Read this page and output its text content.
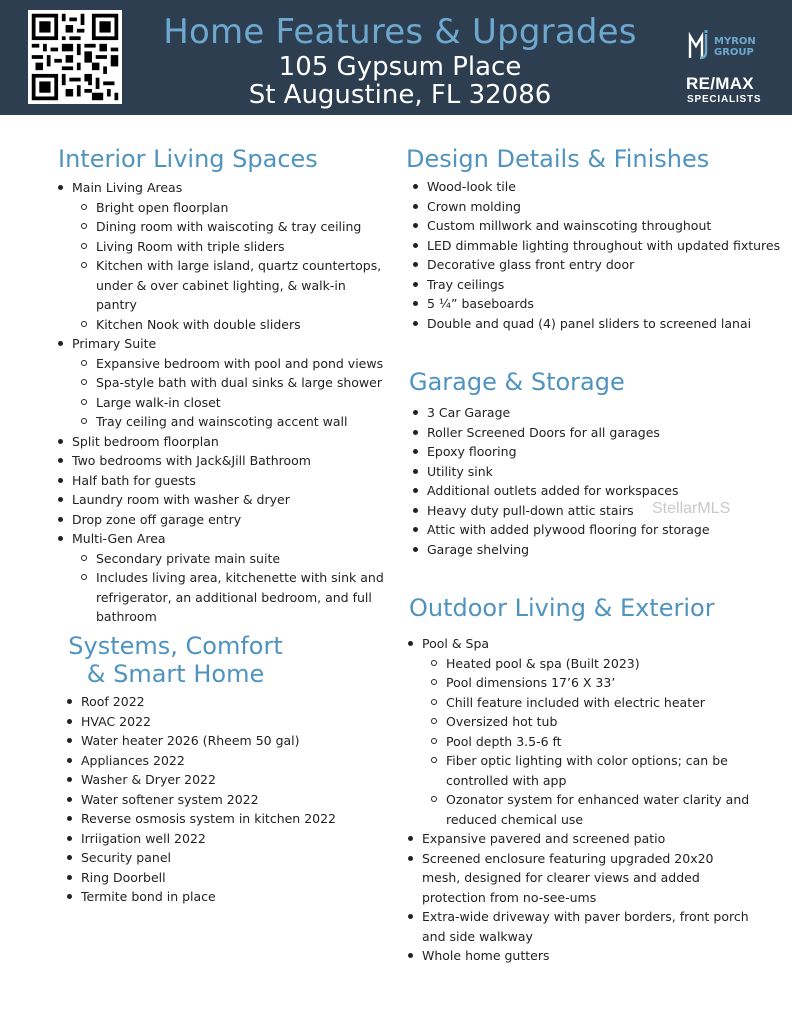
Home Features & Upgrades
105 Gypsum Place
St Augustine, FL 32086
MYRON
GROUP
RE/MAX
SPECIALISTS
Interior Living Spaces
Main Living Areas
Bright open floorplan
Dining room with waiscoting & tray ceiling
Living Room with triple sliders
Kitchen with large island, quartz countertops, under & over cabinet lighting, & walk-in pantry
Kitchen Nook with double sliders
Primary Suite
Expansive bedroom with pool and pond views
Spa-style bath with dual sinks & large shower
Large walk-in closet
Tray ceiling and wainscoting accent wall
Split bedroom floorplan
Two bedrooms with Jack&Jill Bathroom
Half bath for guests
Laundry room with washer & dryer
Drop zone off garage entry
Multi-Gen Area
Secondary private main suite
Includes living area, kitchenette with sink and refrigerator, an additional bedroom, and full bathroom
Systems, Comfort
& Smart Home
Roof 2022
HVAC 2022
Water heater 2026 (Rheem 50 gal)
Appliances 2022
Washer & Dryer 2022
Water softener system 2022
Reverse osmosis system in kitchen 2022
Irriigation well 2022
Security panel
Ring Doorbell
Termite bond in place
Design Details & Finishes
Wood-look tile
Crown molding
Custom millwork and wainscoting throughout
LED dimmable lighting throughout with updated fixtures
Decorative glass front entry door
Tray ceilings
5 ¼” baseboards
Double and quad (4) panel sliders to screened lanai
Garage & Storage
3 Car Garage
Roller Screened Doors for all garages
Epoxy flooring
Utility sink
Additional outlets added for workspaces
Heavy duty pull-down attic stairs
Attic with added plywood flooring for storage
Garage shelving
Outdoor Living & Exterior
Pool & Spa
Heated pool & spa (Built 2023)
Pool dimensions 17’6 X 33’
Chill feature included with electric heater
Oversized hot tub
Pool depth 3.5-6 ft
Fiber optic lighting with color options; can be controlled with app
Ozonator system for enhanced water clarity and reduced chemical use
Expansive pavered and screened patio
Screened enclosure featuring upgraded 20x20 mesh, designed for clearer views and added protection from no-see-ums
Extra-wide driveway with paver borders, front porch and side walkway
Whole home gutters
StellarMLS
